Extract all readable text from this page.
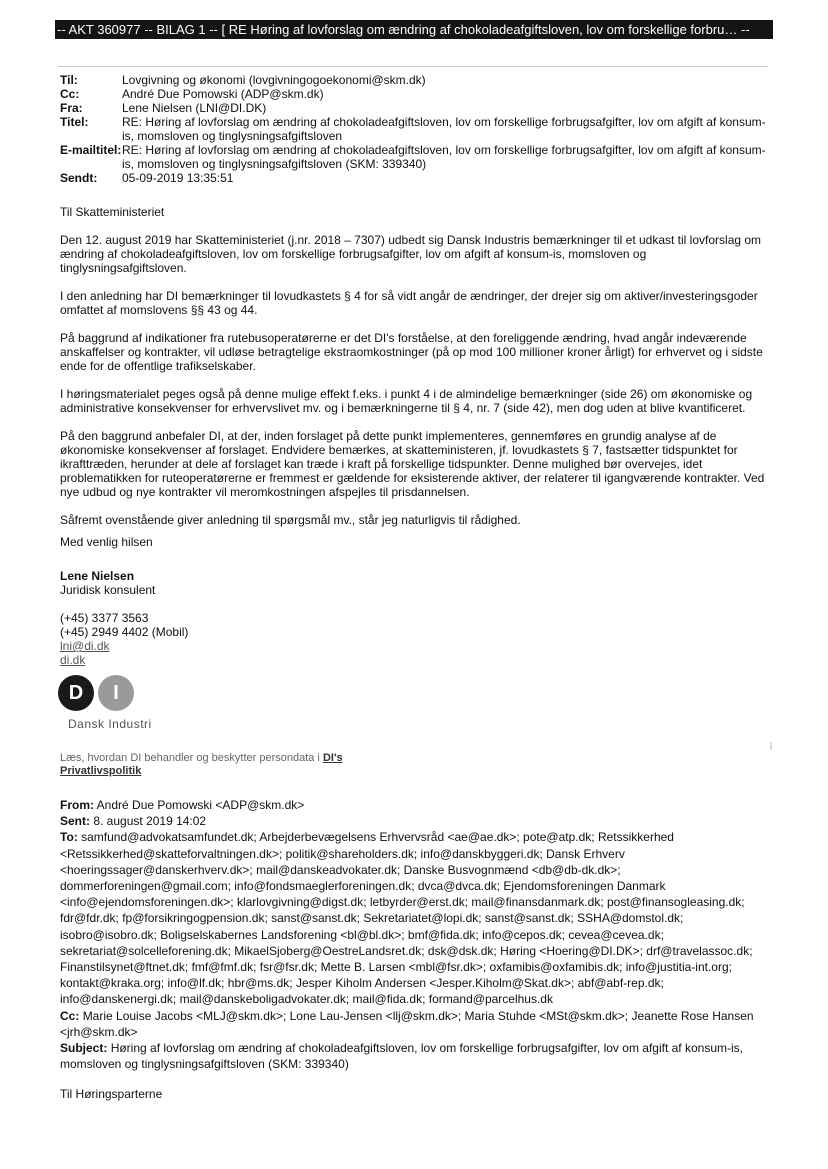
-- AKT 360977 -- BILAG 1 -- [ RE Høring af lovforslag om ændring af chokoladeafgiftsloven, lov om forskellige forbru… --
Til:	Lovgivning og økonomi (lovgivningogoekonomi@skm.dk)
Cc:	André Due Pomowski (ADP@skm.dk)
Fra:	Lene Nielsen (LNI@DI.DK)
Titel:	RE: Høring af lovforslag om ændring af chokoladeafgiftsloven, lov om forskellige forbrugsafgifter, lov om afgift af konsum-is, momsloven og tinglysningsafgiftsloven
E-mailtitel: RE: Høring af lovforslag om ændring af chokoladeafgiftsloven, lov om forskellige forbrugsafgifter, lov om afgift af konsum-is, momsloven og tinglysningsafgiftsloven (SKM: 339340)
Sendt:	05-09-2019 13:35:51

Til Skatteministeriet

Den 12. august 2019 har Skatteministeriet (j.nr. 2018 – 7307) udbedt sig Dansk Industris bemærkninger til et udkast til lovforslag om ændring af chokoladeafgiftsloven, lov om forskellige forbrugsafgifter, lov om afgift af konsum-is, momsloven og tinglysningsafgiftsloven.

I den anledning har DI bemærkninger til lovudkastets § 4 for så vidt angår de ændringer, der drejer sig om aktiver/investeringsgoder omfattet af momslovens §§ 43 og 44.

På baggrund af indikationer fra rutebusoperatørerne er det DI's forståelse, at den foreliggende ændring, hvad angår indeværende anskaffelser og kontrakter, vil udløse betragtelige ekstraomkostninger (på op mod 100 millioner kroner årligt) for erhvervet og i sidste ende for de offentlige trafikselskaber.

I høringsmaterialet peges også på denne mulige effekt f.eks. i punkt 4 i de almindelige bemærkninger (side 26) om økonomiske og administrative konsekvenser for erhvervslivet mv. og i bemærkningerne til § 4, nr. 7 (side 42), men dog uden at blive kvantificeret.

På den baggrund anbefaler DI, at der, inden forslaget på dette punkt implementeres, gennemføres en grundig analyse af de økonomiske konsekvenser af forslaget. Endvidere bemærkes, at skatteministeren, jf. lovudkastets § 7, fastsætter tidspunktet for ikrafttræden, herunder at dele af forslaget kan træde i kraft på forskellige tidspunkter. Denne mulighed bør overvejes, idet problematikken for ruteoperatørerne er fremmest er gældende for eksisterende aktiver, der relaterer til igangværende kontrakter. Ved nye udbud og nye kontrakter vil meromkostningen afspejles til prisdannelsen.

Såfremt ovenstående giver anledning til spørgsmål mv., står jeg naturligvis til rådighed.

Med venlig hilsen
Lene Nielsen
Juridisk konsulent
(+45) 3377 3563
(+45) 2949 4402 (Mobil)
lni@di.dk
di.dk
D	I
Dansk Industri
Læs, hvordan DI behandler og beskytter persondata i DI's Privatlivspolitik
From: André Due Pomowski <ADP@skm.dk>
Sent: 8. august 2019 14:02
To: samfund@advokatsamfundet.dk; Arbejderbevægelsens Erhvervsråd <ae@ae.dk>; pote@atp.dk; Retssikkerhed <Retssikkerhed@skatteforvaltningen.dk>; politik@shareholders.dk; info@danskbyggeri.dk; Dansk Erhverv <hoeringssager@danskerhverv.dk>; mail@danskeadvokater.dk; Danske Busvognmænd <db@db-dk.dk>; dommerforeningen@gmail.com; info@fondsmaeglerforeningen.dk; dvca@dvca.dk; Ejendomsforeningen Danmark <info@ejendomsforeningen.dk>; klarlovgivning@digst.dk; letbyrder@erst.dk; mail@finansdanmark.dk; post@finansogleasing.dk; fdr@fdr.dk; fp@forsikringogpension.dk; sanst@sanst.dk; Sekretariatet@lopi.dk; sanst@sanst.dk; SSHA@domstol.dk; isobro@isobro.dk; Boligselskabernes Landsforening <bl@bl.dk>; bmf@fida.dk; info@cepos.dk; cevea@cevea.dk; sekretariat@solcelleforening.dk; MikaelSjoberg@OestreLandsret.dk; dsk@dsk.dk; Høring <Hoering@DI.DK>; drf@travelassoc.dk; Finanstilsynet@ftnet.dk; fmf@fmf.dk; fsr@fsr.dk; Mette B. Larsen <mbl@fsr.dk>; oxfamibis@oxfamibis.dk; info@justitia-int.org; kontakt@kraka.org; info@lf.dk; hbr@ms.dk; Jesper Kiholm Andersen <Jesper.Kiholm@Skat.dk>; abf@abf-rep.dk; info@danskenergi.dk; mail@danskeboligadvokater.dk; mail@fida.dk; formand@parcelhus.dk
Cc: Marie Louise Jacobs <MLJ@skm.dk>; Lone Lau-Jensen <llj@skm.dk>; Maria Stuhde <MSt@skm.dk>; Jeanette Rose Hansen <jrh@skm.dk>
Subject: Høring af lovforslag om ændring af chokoladeafgiftsloven, lov om forskellige forbrugsafgifter, lov om afgift af konsum-is, momsloven og tinglysningsafgiftsloven (SKM: 339340)
Til Høringsparterne
